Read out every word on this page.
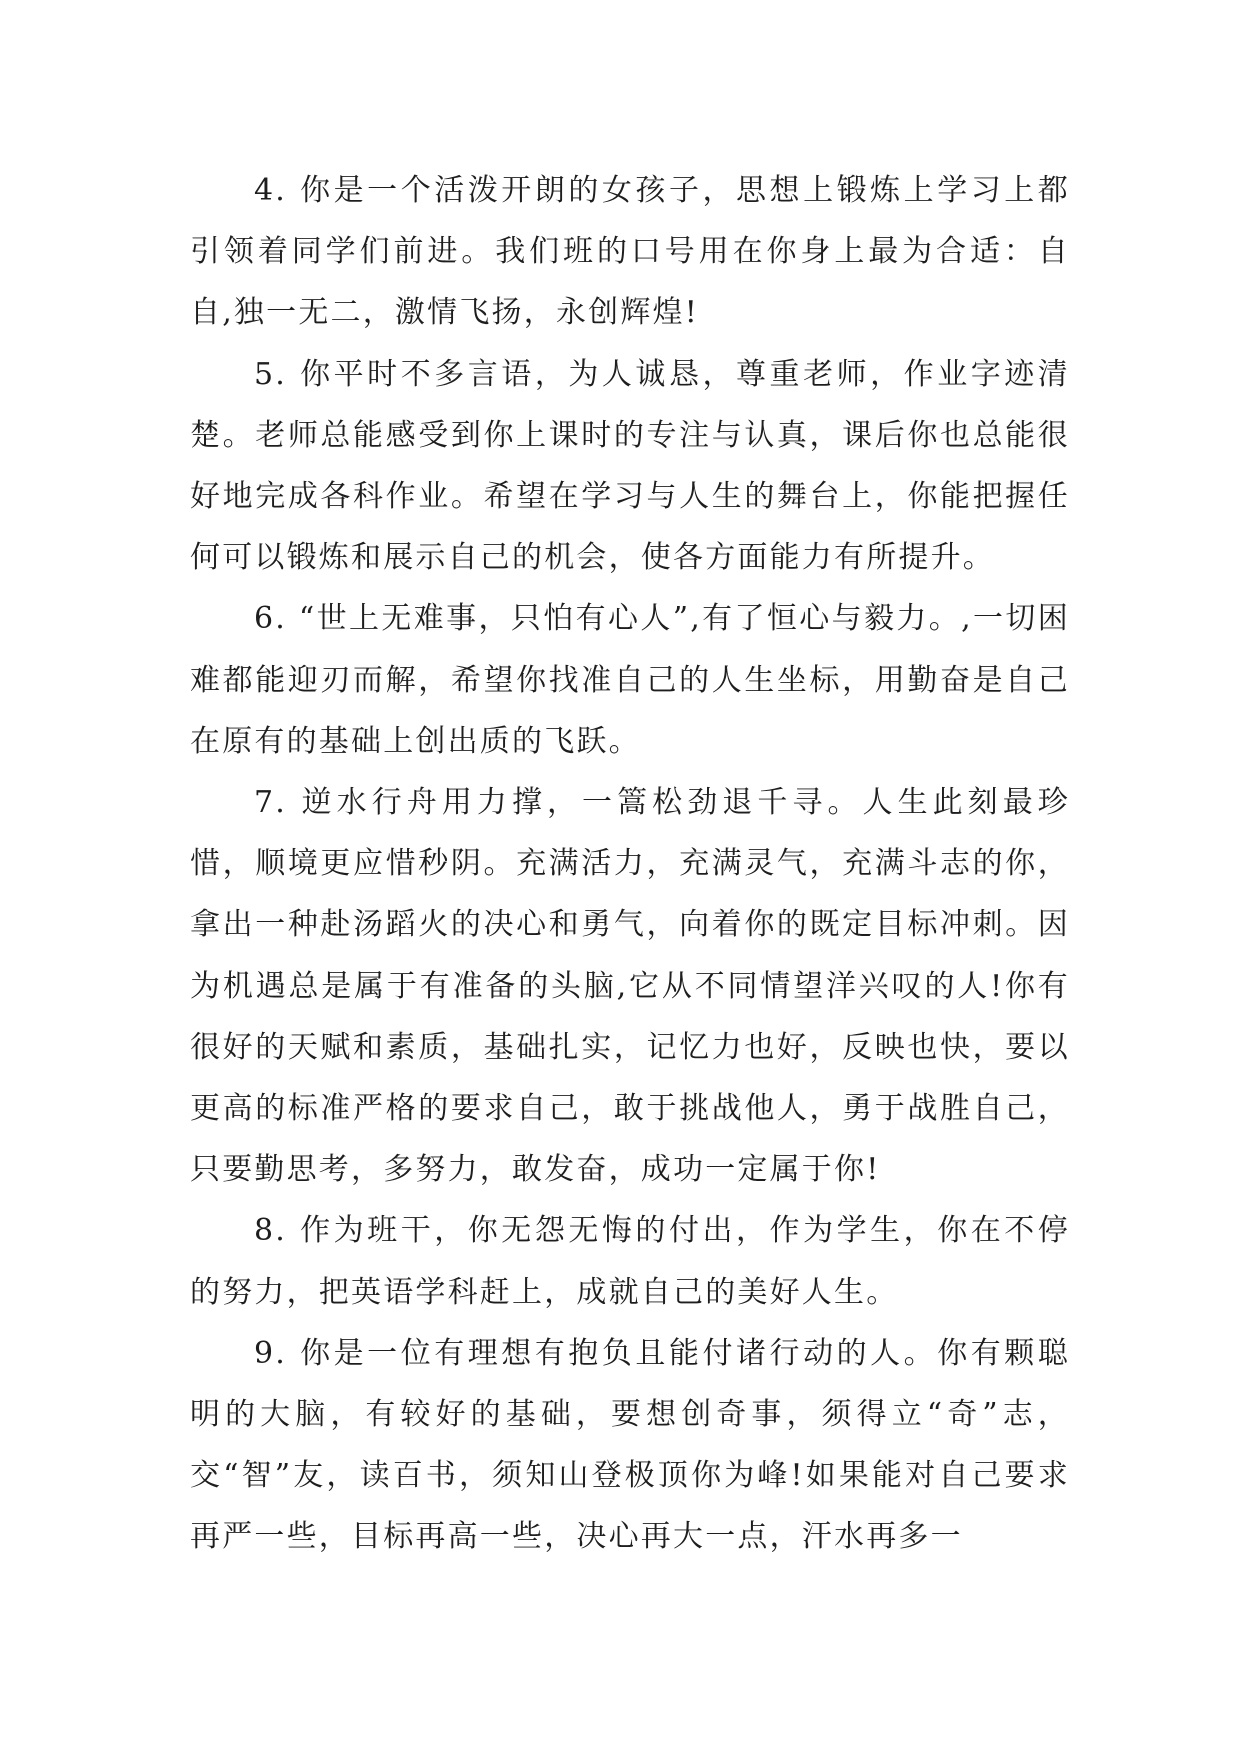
4. 你是一个活泼开朗的女孩子，思想上锻炼上学习上都引领着同学们前进。我们班的口号用在你身上最为合适：自自,独一无二，激情飞扬，永创辉煌!

5. 你平时不多言语，为人诚恳，尊重老师，作业字迹清楚。老师总能感受到你上课时的专注与认真，课后你也总能很好地完成各科作业。希望在学习与人生的舞台上，你能把握任何可以锻炼和展示自己的机会，使各方面能力有所提升。

6. “世上无难事，只怕有心人”,有了恒心与毅力。,一切困难都能迎刃而解，希望你找准自己的人生坐标，用勤奋是自己在原有的基础上创出质的飞跃。

7. 逆水行舟用力撑，一篙松劲退千寻。人生此刻最珍惜，顺境更应惜秒阴。充满活力，充满灵气，充满斗志的你，拿出一种赴汤蹈火的决心和勇气，向着你的既定目标冲刺。因为机遇总是属于有准备的头脑,它从不同情望洋兴叹的人!你有很好的天赋和素质，基础扎实，记忆力也好，反映也快，要以更高的标准严格的要求自己，敢于挑战他人，勇于战胜自己，只要勤思考，多努力，敢发奋，成功一定属于你!

8. 作为班干，你无怨无悔的付出，作为学生，你在不停的努力，把英语学科赶上，成就自己的美好人生。

9. 你是一位有理想有抱负且能付诸行动的人。你有颗聪明的大脑，有较好的基础，要想创奇事，须得立“奇”志，交“智”友，读百书，须知山登极顶你为峰!如果能对自己要求再严一些，目标再高一些，决心再大一点，汗水再多一
